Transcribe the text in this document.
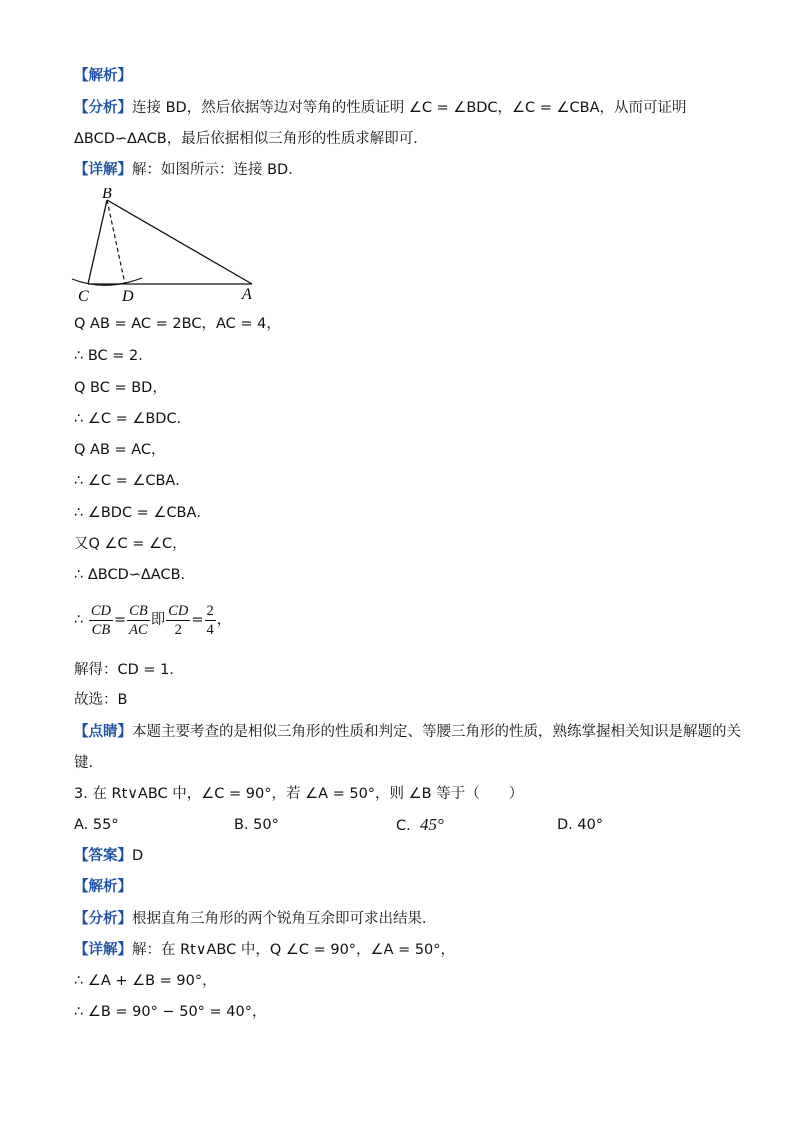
【解析】
【分析】连接 BD，然后依据等边对等角的性质证明 ∠C = ∠BDC，∠C = ∠CBA，从而可证明
ΔBCD∽ΔACB，最后依据相似三角形的性质求解即可．
【详解】解：如图所示：连接 BD．
B
C D	A
Q AB = AC = 2BC，AC = 4，
∴ BC = 2．
Q BC = BD，
∴ ∠C = ∠BDC．
Q AB = AC，
∴ ∠C = ∠CBA．
∴ ∠BDC = ∠CBA．
又Q ∠C = ∠C，
∴ ΔBCD∽ΔACB．
∴ $\frac{CD}{CB} = \frac{CB}{AC}$ 即 $\frac{CD}{2} = \frac{2}{4}$ ，
解得：CD = 1．
故选：B
【点睛】本题主要考查的是相似三角形的性质和判定、等腰三角形的性质，熟练掌握相关知识是解题的关
键．
3. 在 Rt∨ABC 中，∠C = 90°，若 ∠A = 50°，则 ∠B 等于（　　）
A. 55°	B. 50°	C. 45°	D. 40°
【答案】D
【解析】
【分析】根据直角三角形的两个锐角互余即可求出结果．
【详解】解：在 Rt∨ABC 中，Q ∠C = 90°，∠A = 50°，
∴ ∠A + ∠B = 90°，
∴ ∠B = 90° − 50° = 40°，
